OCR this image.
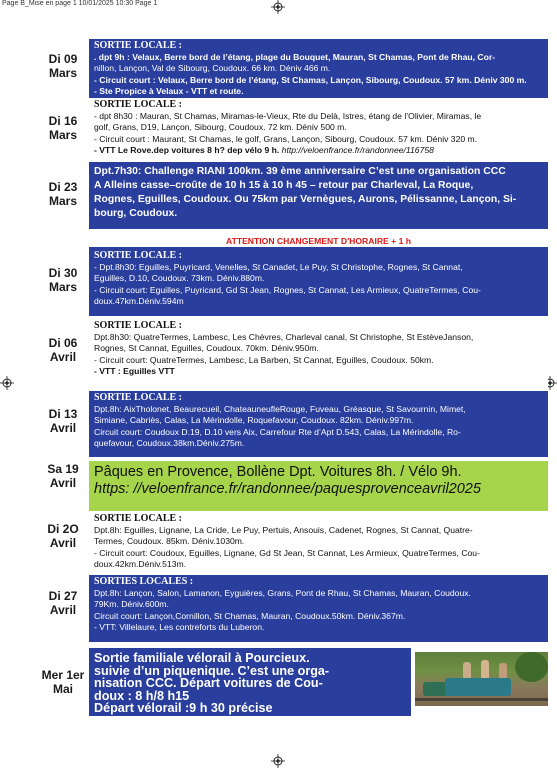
Page B_Mise en page 1 10/01/2025 10:30 Page 1
Di 09
Mars
SORTIE LOCALE :
. dpt 9h : Velaux, Berre bord de l’étang, plage du Bouquet, Mauran, St Chamas, Pont de Rhau, Cor-
nillon, Lançon, Val de Sibourg, Coudoux. 66 km. Déniv 466 m.
- Circuit court : Velaux, Berre bord de l’étang, St Chamas, Lançon, Sibourg, Coudoux. 57 km. Déniv 300 m.
- Ste Propice à Velaux - VTT et route.
Di 16
Mars
SORTIE LOCALE :
- dpt 8h30 : Mauran, St Chamas, Miramas-le-Vieux, Rte du Delà, Istres, étang de l’Olivier, Miramas, le
golf, Grans, D19, Lançon, Sibourg, Coudoux. 72 km. Déniv 500 m.
- Circuit court : Maurant, St Chamas, le golf, Grans, Lançon, Sibourg, Coudoux. 57 km. Déniv 320 m.
- VTT Le Rove.dep voitures 8 h? dep vélo 9 h. http://veloenfrance.fr/randonnee/116758
Di 23
Mars
Dpt.7h30: Challenge RIANI 100km. 39 ème anniversaire C’est une organisation CCC
A Alleins casse–croûte de 10 h 15 à 10 h 45 – retour par Charleval, La Roque,
Rognes, Eguilles, Coudoux. Ou 75km par Vernègues, Aurons, Pélissanne, Lançon, Si-
bourg, Coudoux.
ATTENTION CHANGEMENT D'HORAIRE + 1 h
Di 30
Mars
SORTIE LOCALE :
- Dpt.8h30: Eguilles, Puyricard, Venelles, St Canadet, Le Puy, St Christophe, Rognes, St Cannat,
Eguilles, D.10, Coudoux. 73km. Déniv.880m.
- Circuit court: Eguilles, Puyricard, Gd St Jean, Rognes, St Cannat, Les Armieux, QuatreTermes, Cou-
doux.47km.Déniv.594m
Di 06
Avril
SORTIE LOCALE :
Dpt.8h30: QuatreTermes, Lambesc, Les Chèvres, Charleval canal, St Christophe, St EstèveJanson,
Rognes, St Cannat, Eguilles, Coudoux. 70km. Déniv.950m.
- Circuit court: QuatreTermes, Lambesc, La Barben, St Cannat, Eguilles, Coudoux. 50km.
- VTT : Eguilles VTT
Di 13
Avril
SORTIE LOCALE :
Dpt.8h: AixTholonet, Beaurecueil, ChateauneufleRouge, Fuveau, Gréasque, St Savournin, Mimet,
Simiane, Cabriès, Calas, La Mérindolle, Roquefavour, Coudoux. 82km. Déniv.997m.
Circuit court: Coudoux D.19, D.10 vers Aix, Carrefour Rte d’Apt D.543, Calas, La Mérindolle, Ro-
quefavour, Coudoux.38km.Déniv.275m.
Sa 19
Avril
Pâques en Provence, Bollène Dpt. Voitures 8h. / Vélo 9h.
https: //veloenfrance.fr/randonnee/paquesprovenceavril2025
Di 2O
Avril
SORTIE LOCALE :
Dpt.8h: Eguilles, Lignane, La Cride, Le Puy, Pertuis, Ansouis, Cadenet, Rognes, St Cannat, Quatre-
Termes, Coudoux. 85km. Déniv.1030m.
- Circuit court: Coudoux, Eguilles, Lignane, Gd St Jean, St Cannat, Les Armieux, QuatreTermes, Cou-
doux.42km.Déniv.513m.
Di 27
Avril
SORTIES LOCALES :
Dpt.8h: Lançon, Salon, Lamanon, Eyguières, Grans, Pont de Rhau, St Chamas, Mauran, Coudoux.
79Km. Déniv.600m.
Circuit court: Lançon,Cornillon, St Chamas, Mauran, Coudoux.50km. Déniv.367m.
- VTT: Villelaure, Les contreforts du Luberon.
Mer 1er
Mai
Sortie familiale vélorail à Pourcieux.
suivie d’un piquenique. C’est une orga-
nisation CCC. Départ voitures de Cou-
doux : 8 h/8 h15
Départ vélorail :9 h 30 précise
